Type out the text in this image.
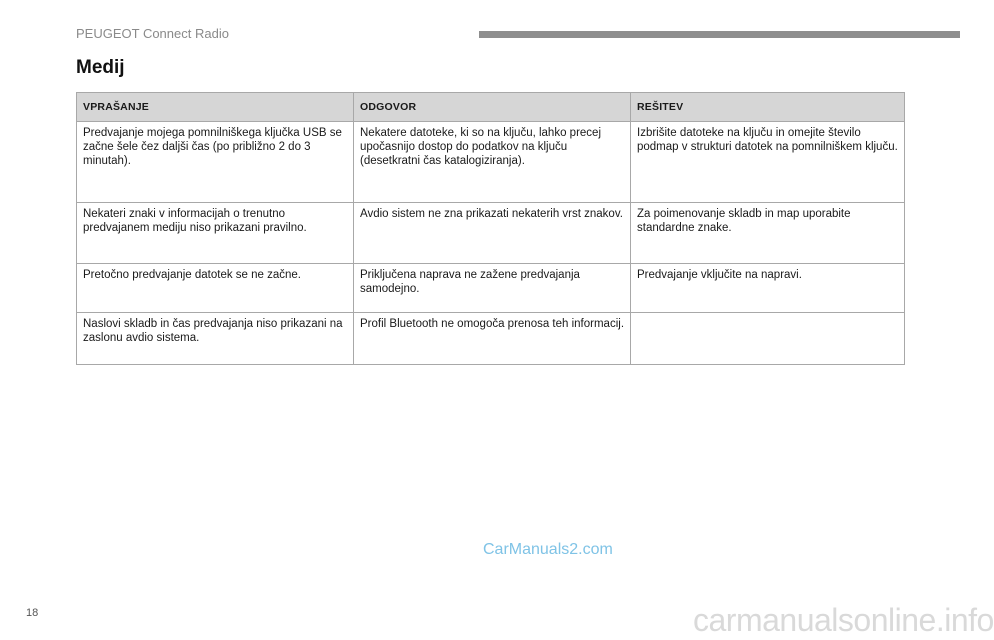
PEUGEOT Connect Radio
Medij
VPRAŠANJE	ODGOVOR	REŠITEV
Predvajanje mojega pomnilniškega ključka USB se začne šele čez daljši čas (po približno 2 do 3 minutah).	Nekatere datoteke, ki so na ključu, lahko precej upočasnijo dostop do podatkov na ključu (desetkratni čas katalogiziranja).	Izbrišite datoteke na ključu in omejite število podmap v strukturi datotek na pomnilniškem ključu.
Nekateri znaki v informacijah o trenutno predvajanem mediju niso prikazani pravilno.	Avdio sistem ne zna prikazati nekaterih vrst znakov.	Za poimenovanje skladb in map uporabite standardne znake.
Pretočno predvajanje datotek se ne začne.	Priključena naprava ne zažene predvajanja samodejno.	Predvajanje vključite na napravi.
Naslovi skladb in čas predvajanja niso prikazani na zaslonu avdio sistema.	Profil Bluetooth ne omogoča prenosa teh informacij.	
CarManuals2.com
18	carmanualsonline.info
